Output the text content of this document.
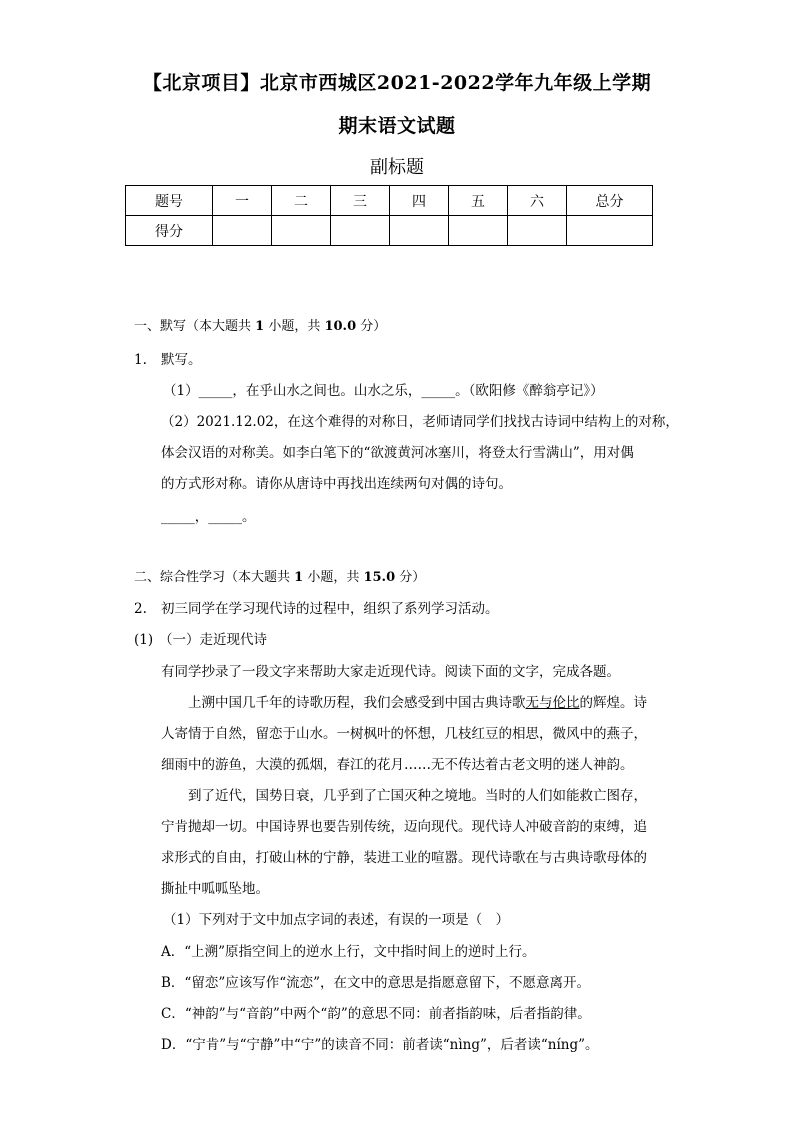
【北京项目】北京市西城区2021-2022学年九年级上学期
期末语文试题
副标题
题号	一	二	三	四	五	六	总分
得分							
一、默写（本大题共 1 小题，共 10.0 分）
1. 默写。
（1）_____，在乎山水之间也。山水之乐，_____。（欧阳修《醉翁亭记》）
（2）2021.12.02，在这个难得的对称日，老师请同学们找找古诗词中结构上的对称，
体会汉语的对称美。如李白笔下的“欲渡黄河冰塞川，将登太行雪满山”，用对偶
的方式形对称。请你从唐诗中再找出连续两句对偶的诗句。
_____，_____。
二、综合性学习（本大题共 1 小题，共 15.0 分）
2. 初三同学在学习现代诗的过程中，组织了系列学习活动。
(1) （一）走近现代诗
有同学抄录了一段文字来帮助大家走近现代诗。阅读下面的文字，完成各题。
上溯中国几千年的诗歌历程，我们会感受到中国古典诗歌无与伦比的辉煌。诗
人寄情于自然，留恋于山水。一树枫叶的怀想，几枝红豆的相思，微风中的燕子，
细雨中的游鱼，大漠的孤烟，春江的花月……无不传达着古老文明的迷人神韵。
到了近代，国势日衰，几乎到了亡国灭种之境地。当时的人们如能救亡图存，
宁肯抛却一切。中国诗界也要告别传统，迈向现代。现代诗人冲破音韵的束缚，追
求形式的自由，打破山林的宁静，装进工业的喧嚣。现代诗歌在与古典诗歌母体的
撕扯中呱呱坠地。
（1）下列对于文中加点字词的表述，有误的一项是（　）
A．“上溯”原指空间上的逆水上行，文中指时间上的逆时上行。
B．“留恋”应该写作“流恋”，在文中的意思是指愿意留下，不愿意离开。
C．“神韵”与“音韵”中两个“韵”的意思不同：前者指韵味，后者指韵律。
D．“宁肯”与“宁静”中“宁”的读音不同：前者读“nìng”，后者读“níng”。
